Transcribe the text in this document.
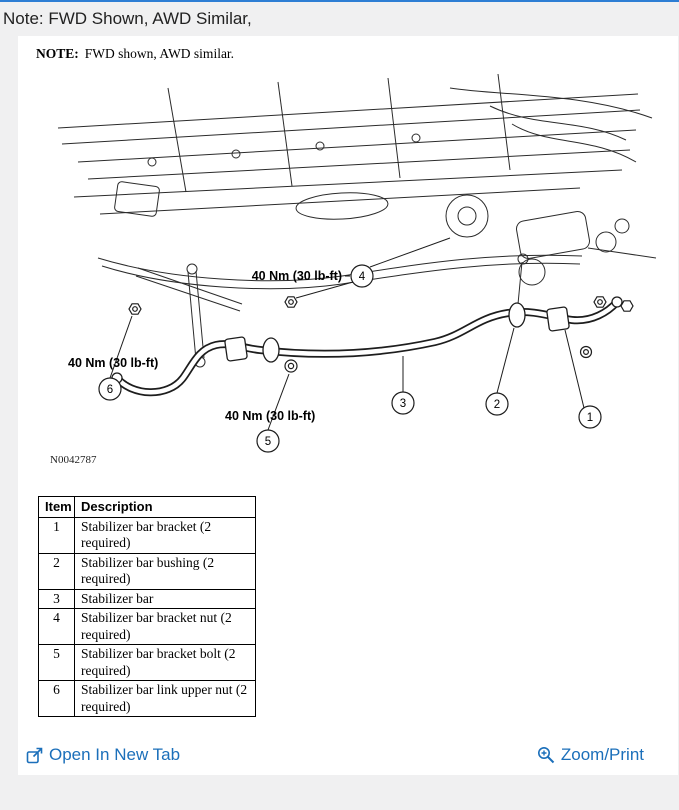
Note: FWD Shown, AWD Similar,

NOTE: FWD shown, AWD similar.

40 Nm (30 lb-ft)
40 Nm (30 lb-ft)
40 Nm (30 lb-ft)
4
6
5
3	2
1
N0042787
Item	Description
1	Stabilizer bar bracket (2 required)
2	Stabilizer bar bushing (2 required)
3	Stabilizer bar
4	Stabilizer bar bracket nut (2 required)
5	Stabilizer bar bracket bolt (2 required)
6	Stabilizer bar link upper nut (2 required)
Open In New Tab	Zoom/Print
